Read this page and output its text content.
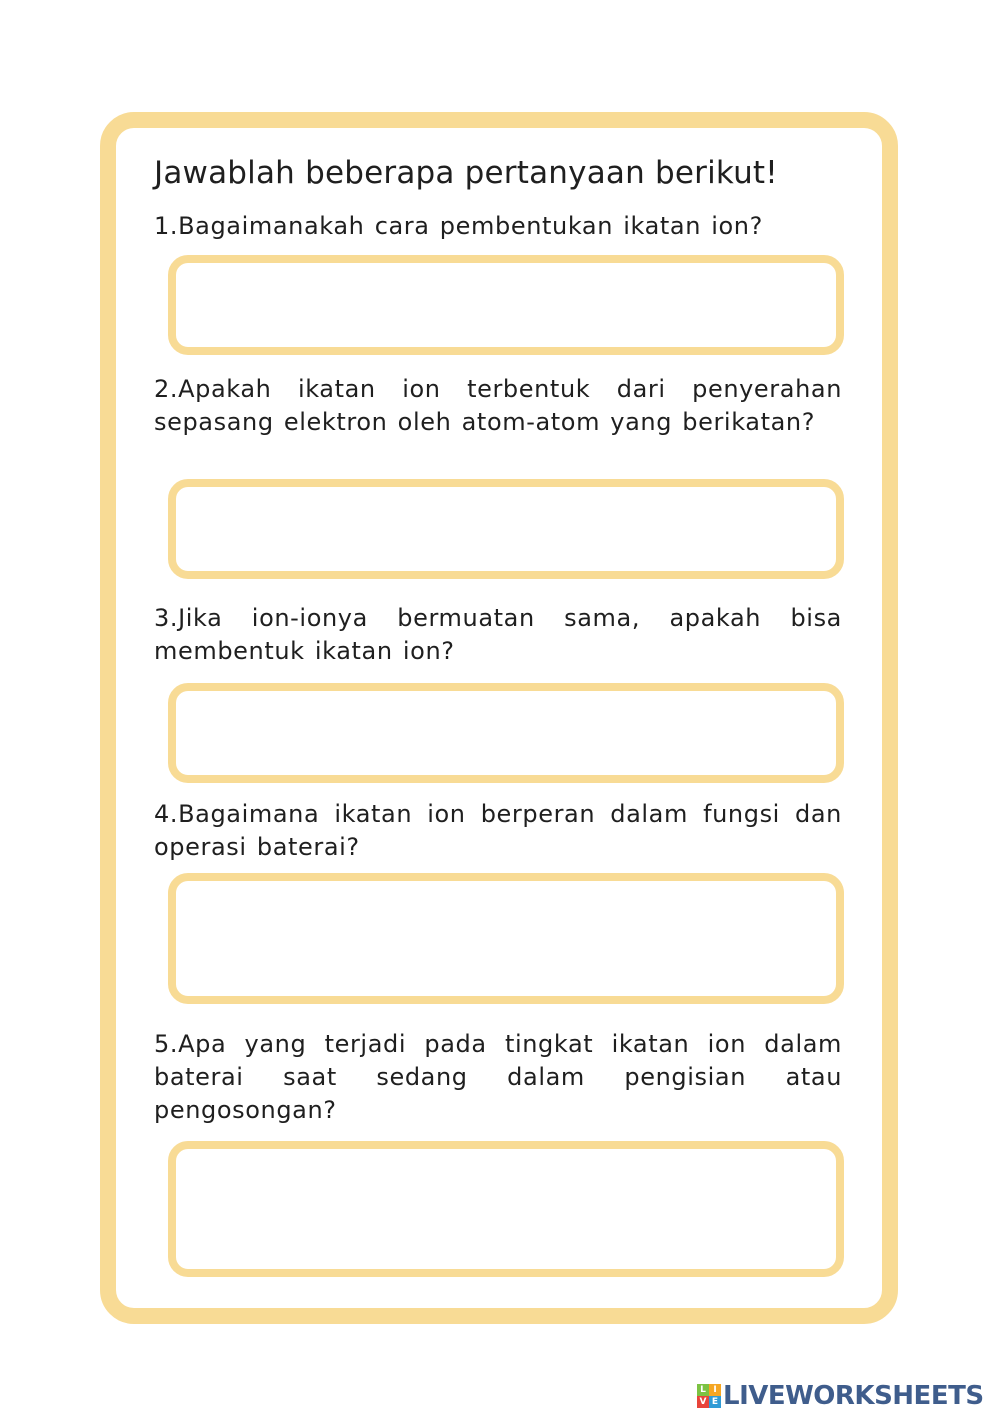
Jawablah beberapa pertanyaan berikut!

1.Bagaimanakah cara pembentukan ikatan ion?

2.Apakah ikatan ion terbentuk dari penyerahan sepasang elektron oleh atom-atom yang berikatan?

3.Jika ion-ionya bermuatan sama, apakah bisa membentuk ikatan ion?

4.Bagaimana ikatan ion berperan dalam fungsi dan operasi baterai?

5.Apa yang terjadi pada tingkat ikatan ion dalam baterai saat sedang dalam pengisian atau pengosongan?

L I
V E LIVEWORKSHEETS
